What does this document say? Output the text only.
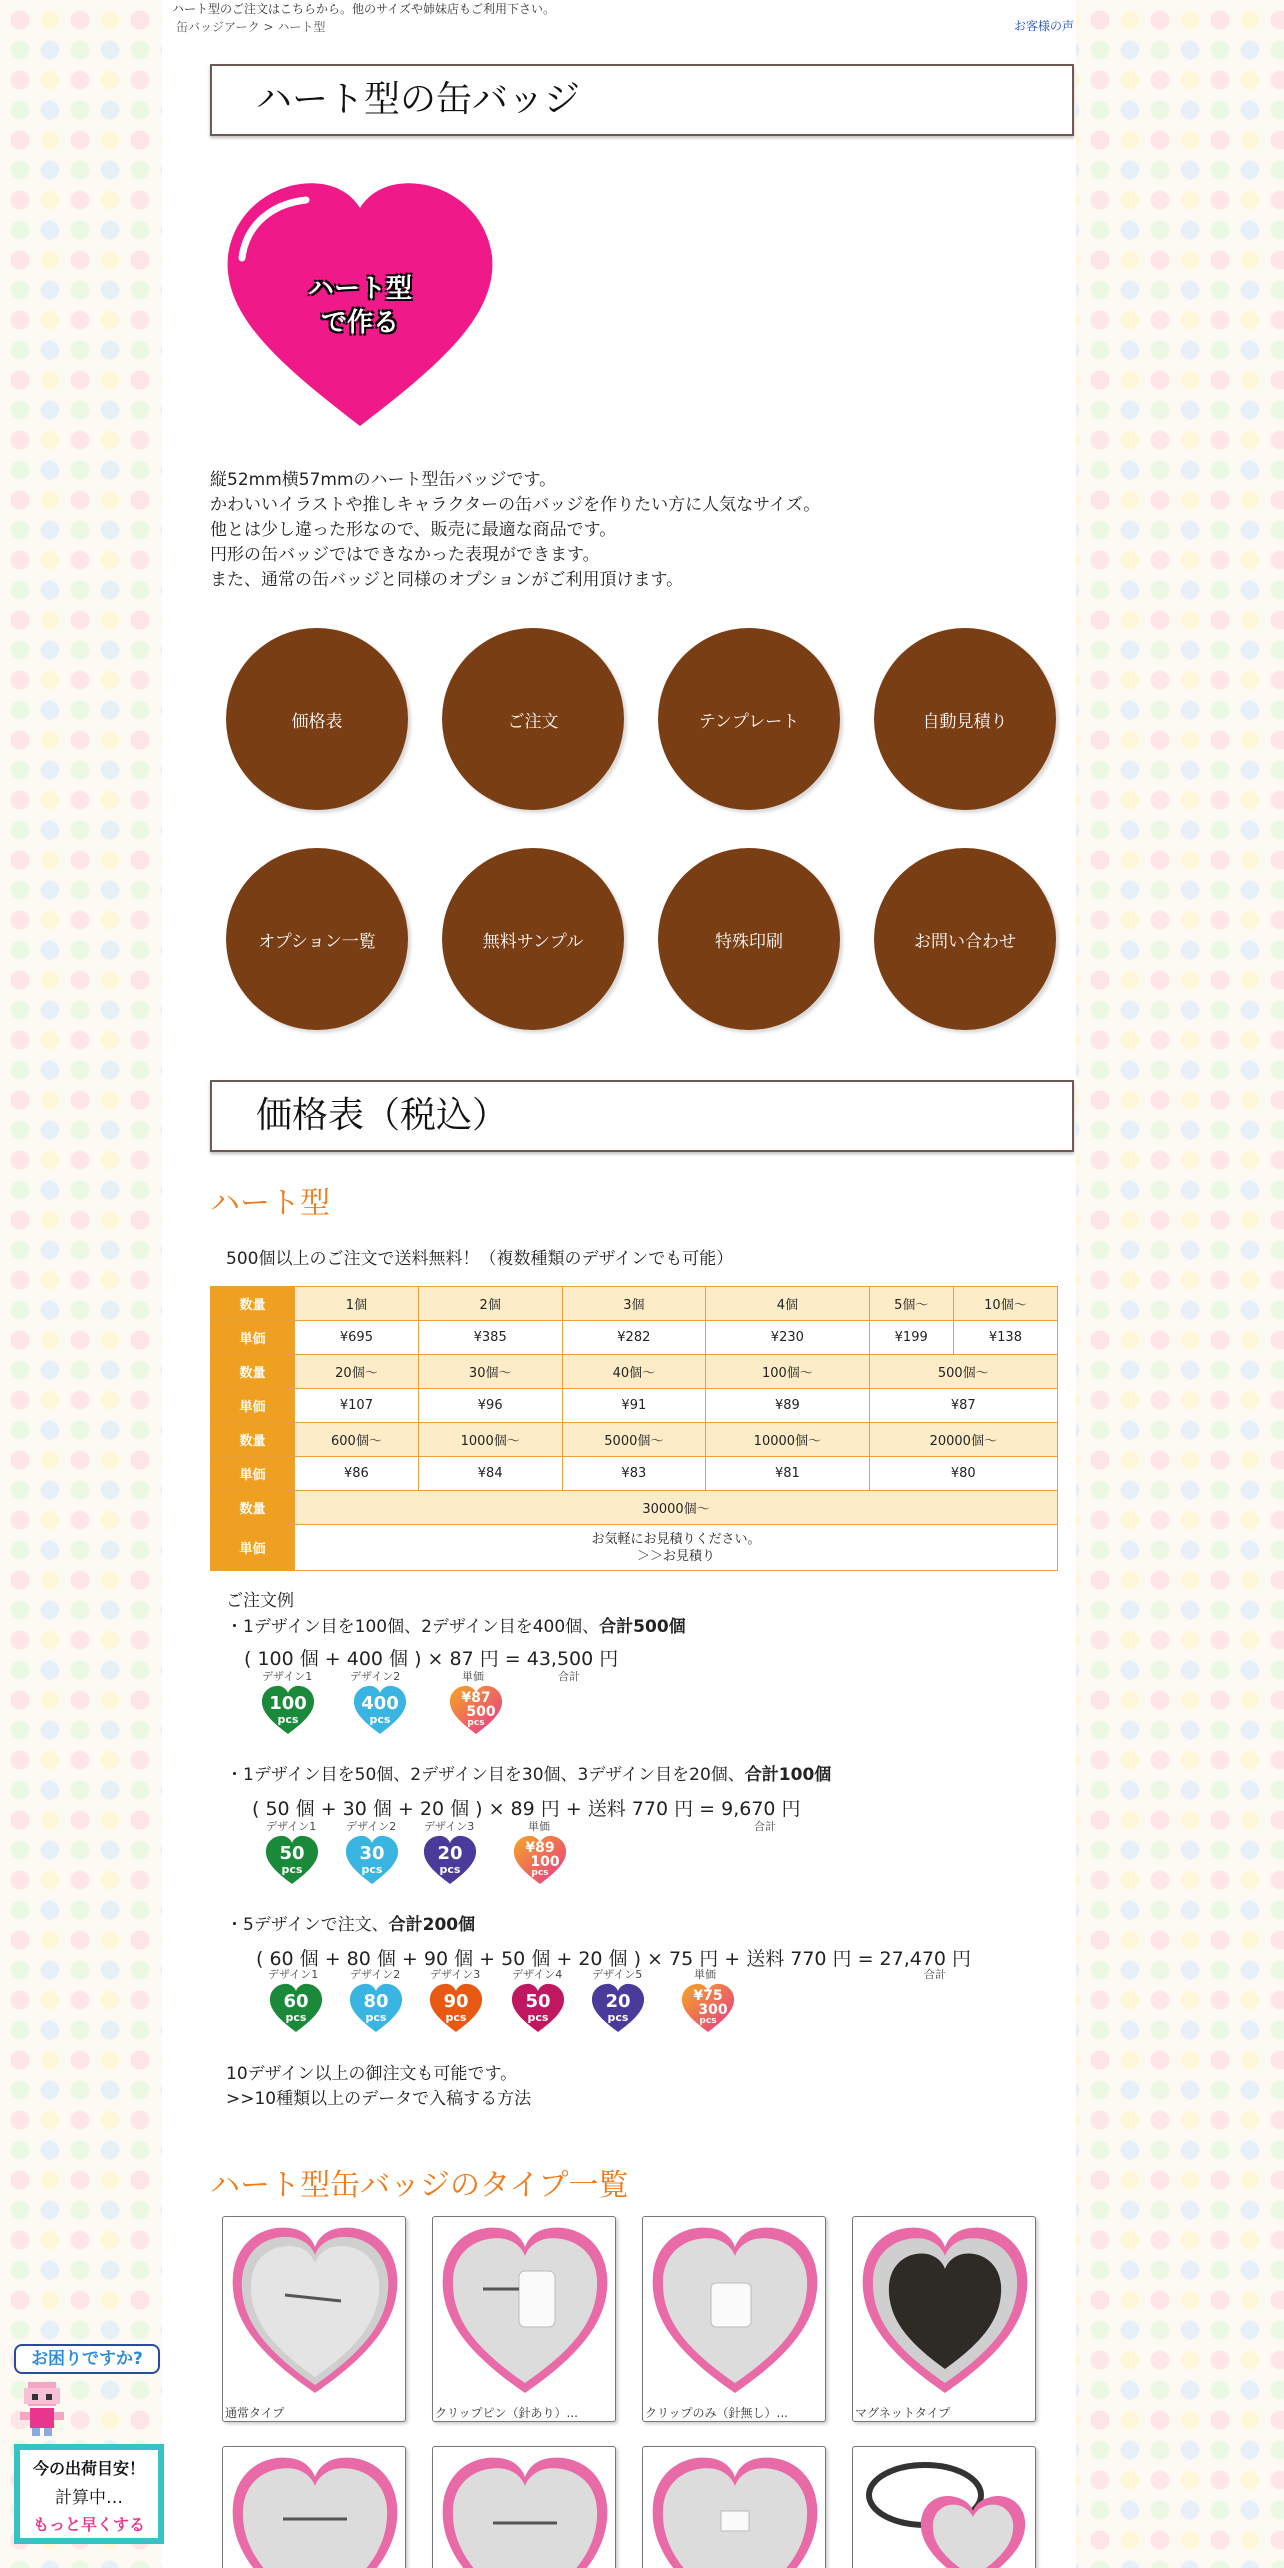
ハート型のご注文はこちらから。他のサイズや姉妹店もご利用下さい。
缶バッジアーク > ハート型	お客様の声
ハート型の缶バッジ
ハート型
で作る
縦52mm横57mmのハート型缶バッジです。
かわいいイラストや推しキャラクターの缶バッジを作りたい方に人気なサイズ。
他とは少し違った形なので、販売に最適な商品です。
円形の缶バッジではできなかった表現ができます。
また、通常の缶バッジと同様のオプションがご利用頂けます。
価格表	ご注文	テンプレート	自動見積り
オプション一覧	無料サンプル	特殊印刷	お問い合わせ
価格表（税込）
ハート型
500個以上のご注文で送料無料！（複数種類のデザインでも可能）
数量	1個	2個	3個	4個	5個～	10個～
単価	¥695	¥385	¥282	¥230	¥199	¥138
数量	20個～	30個～	40個～	100個～	500個～	
単価	¥107	¥96	¥91	¥89	¥87	
数量	600個～	1000個～	5000個～	10000個～	20000個～	
単価	¥86	¥84	¥83	¥81	¥80	
数量	30000個～					
単価	お気軽にお見積りください。
＞＞お見積り					
ご注文例
・1デザイン目を100個、2デザイン目を400個、合計500個
( 100 個 + 400 個 ) × 87 円 = 43,500 円
デザイン1	デザイン2	単価	合計
100
pcs
400
pcs
¥87
500
pcs
・1デザイン目を50個、2デザイン目を30個、3デザイン目を20個、合計100個
( 50 個 + 30 個 + 20 個 ) × 89 円 + 送料 770 円 = 9,670 円
デザイン1	デザイン2	デザイン3	単価	合計
50
pcs
30
pcs
20
pcs
¥89
100
pcs
・5デザインで注文、合計200個
( 60 個 + 80 個 + 90 個 + 50 個 + 20 個 ) × 75 円 + 送料 770 円 = 27,470 円
デザイン1	デザイン2	デザイン3	デザイン4	デザイン5	単価	合計
60
pcs
80
pcs
90
pcs
50
pcs
20
pcs
¥75
300
pcs
10デザイン以上の御注文も可能です。
>>10種類以上のデータで入稿する方法
ハート型缶バッジのタイプ一覧
通常タイプ	クリップピン（針あり）...	クリップのみ（針無し）...	マグネットタイプ
お困りですか?
今の出荷目安！
計算中…
もっと早くする
